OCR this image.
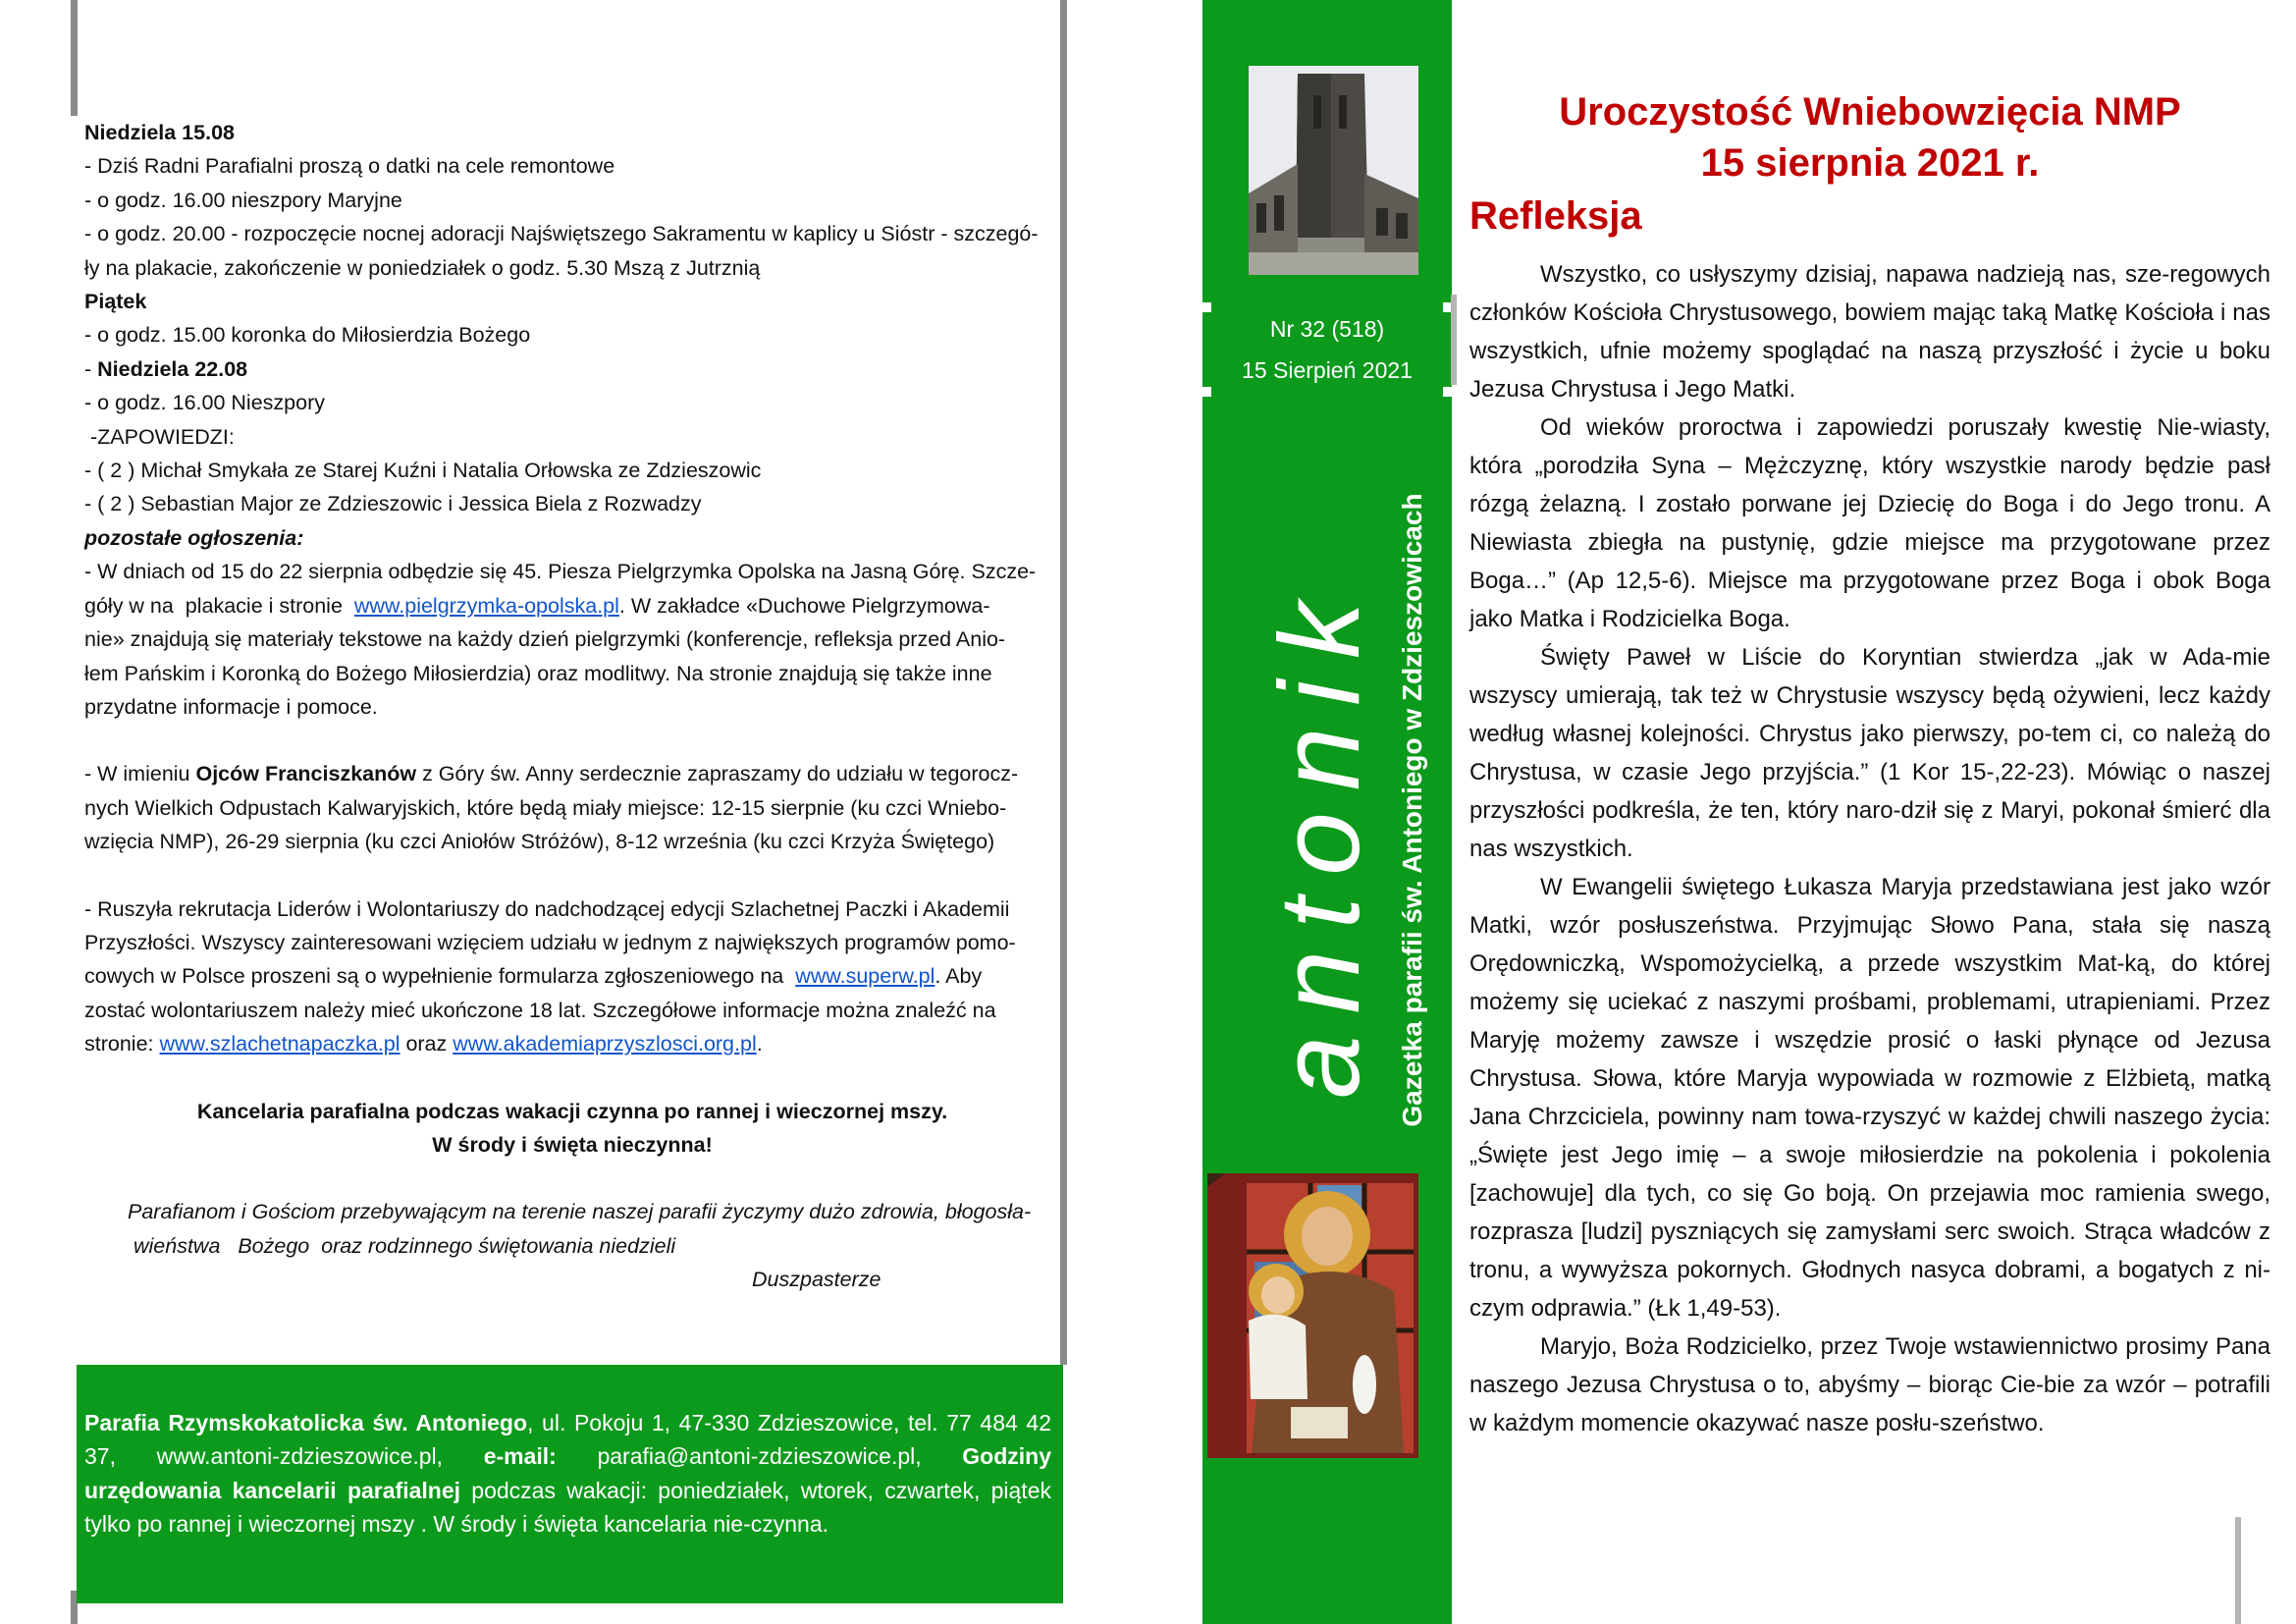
Niedziela 15.08

- Dziś Radni Parafialni proszą o datki na cele remontowe

- o godz. 16.00 nieszpory Maryjne

- o godz. 20.00 - rozpoczęcie nocnej adoracji Najświętszego Sakramentu w kaplicy u Sióstr - szczegó-

ły na plakacie, zakończenie w poniedziałek o godz. 5.30 Mszą z Jutrznią

Piątek

- o godz. 15.00 koronka do Miłosierdzia Bożego

- Niedziela 22.08

- o godz. 16.00 Nieszpory

-ZAPOWIEDZI:

- ( 2 ) Michał Smykała ze Starej Kuźni i Natalia Orłowska ze Zdzieszowic

- ( 2 ) Sebastian Major ze Zdzieszowic i Jessica Biela z Rozwadzy

pozostałe ogłoszenia:

- W dniach od 15 do 22 sierpnia odbędzie się 45. Piesza Pielgrzymka Opolska na Jasną Górę. Szcze-

góły w na  plakacie i stronie  www.pielgrzymka-opolska.pl. W zakładce «Duchowe Pielgrzymowa-

nie» znajdują się materiały tekstowe na każdy dzień pielgrzymki (konferencje, refleksja przed Anio-

łem Pańskim i Koronką do Bożego Miłosierdzia) oraz modlitwy. Na stronie znajdują się także inne

przydatne informacje i pomoce.

- W imieniu Ojców Franciszkanów z Góry św. Anny serdecznie zapraszamy do udziału w tegorocz-

nych Wielkich Odpustach Kalwaryjskich, które będą miały miejsce: 12-15 sierpnie (ku czci Wniebo-

wzięcia NMP), 26-29 sierpnia (ku czci Aniołów Stróżów), 8-12 września (ku czci Krzyża Świętego)

- Ruszyła rekrutacja Liderów i Wolontariuszy do nadchodzącej edycji Szlachetnej Paczki i Akademii

Przyszłości. Wszyscy zainteresowani wzięciem udziału w jednym z największych programów pomo-

cowych w Polsce proszeni są o wypełnienie formularza zgłoszeniowego na  www.superw.pl. Aby

zostać wolontariuszem należy mieć ukończone 18 lat. Szczegółowe informacje można znaleźć na

stronie: www.szlachetnapaczka.pl oraz www.akademiaprzyszlosci.org.pl.

Kancelaria parafialna podczas wakacji czynna po rannej i wieczornej mszy.

W środy i święta nieczynna!

Parafianom i Gościom przebywającym na terenie naszej parafii życzymy dużo zdrowia, błogosła-

wieństwa   Bożego  oraz rodzinnego świętowania niedzieli

Duszpasterze

Parafia Rzymskokatolicka św. Antoniego, ul. Pokoju 1, 47-330 Zdzieszowice, tel. 77 484 42 37, www.antoni-zdzieszowice.pl, e-mail: parafia@antoni-zdzieszowice.pl, Godziny urzędowania kancelarii parafialnej podczas wakacji: poniedziałek, wtorek, czwartek, piątek tylko po rannej i wieczornej mszy . W środy i święta kancelaria nie-czynna.
Nr 32 (518)
15 Sierpień 2021
antonik Gazetka parafii św. Antoniego w Zdzieszowicach
Uroczystość Wniebowzięcia NMP
15 sierpnia 2021 r.
Refleksja

Wszystko, co usłyszymy dzisiaj, napawa nadzieją nas, sze-regowych członków Kościoła Chrystusowego, bowiem mając taką Matkę Kościoła i nas wszystkich, ufnie możemy spoglądać na naszą przyszłość i życie u boku Jezusa Chrystusa i Jego Matki.

Od wieków proroctwa i zapowiedzi poruszały kwestię Nie-wiasty, która „porodziła Syna – Mężczyznę, który wszystkie narody będzie pasł rózgą żelazną. I zostało porwane jej Dziecię do Boga i do Jego tronu. A Niewiasta zbiegła na pustynię, gdzie miejsce ma przygotowane przez Boga…” (Ap 12,5-6). Miejsce ma przygotowane przez Boga i obok Boga jako Matka i Rodzicielka Boga.

Święty Paweł w Liście do Koryntian stwierdza „jak w Ada-mie wszyscy umierają, tak też w Chrystusie wszyscy będą ożywieni, lecz każdy według własnej kolejności. Chrystus jako pierwszy, po-tem ci, co należą do Chrystusa, w czasie Jego przyjścia.” (1 Kor 15-,22-23). Mówiąc o naszej przyszłości podkreśla, że ten, który naro-dził się z Maryi, pokonał śmierć dla nas wszystkich.

W Ewangelii świętego Łukasza Maryja przedstawiana jest jako wzór Matki, wzór posłuszeństwa. Przyjmując Słowo Pana, stała się naszą Orędowniczką, Wspomożycielką, a przede wszystkim Mat-ką, do której możemy się uciekać z naszymi prośbami, problemami, utrapieniami. Przez Maryję możemy zawsze i wszędzie prosić o łaski płynące od Jezusa Chrystusa. Słowa, które Maryja wypowiada w rozmowie z Elżbietą, matką Jana Chrzciciela, powinny nam towa-rzyszyć w każdej chwili naszego życia: „Święte jest Jego imię – a swoje miłosierdzie na pokolenia i pokolenia [zachowuje] dla tych, co się Go boją. On przejawia moc ramienia swego, rozprasza [ludzi] pyszniących się zamysłami serc swoich. Strąca władców z tronu, a wywyższa pokornych. Głodnych nasyca dobrami, a bogatych z ni-czym odprawia.” (Łk 1,49-53).

Maryjo, Boża Rodzicielko, przez Twoje wstawiennictwo prosimy Pana naszego Jezusa Chrystusa o to, abyśmy – biorąc Cie-bie za wzór – potrafili w każdym momencie okazywać nasze posłu-szeństwo.
